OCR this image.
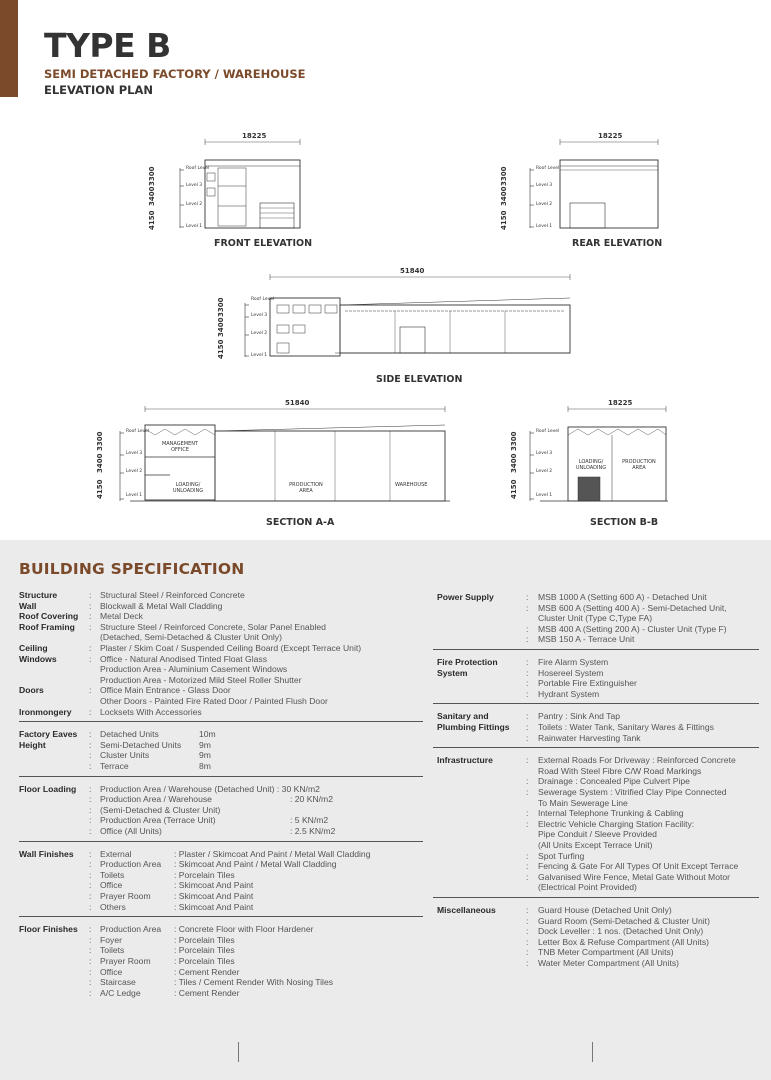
TYPE B
SEMI DETACHED FACTORY / WAREHOUSE
ELEVATION PLAN
18225
3300
3400
4150
Roof Level
Level 3
Level 2
Level 1
FRONT ELEVATION
18225
3300
3400
4150
Roof Level
Level 3
Level 2
Level 1
REAR ELEVATION
51840
3300
3400
4150
Roof Level
Level 3
Level 2
Level 1
SIDE ELEVATION
51840
3300
3400
4150
Roof Level
Level 3
Level 2
Level 1
MANAGEMENT OFFICE
LOADING/ UNLOADING
PRODUCTION AREA
WAREHOUSE
SECTION A-A
18225
3300
3400
4150
Roof Level
Level 3
Level 2
Level 1
LOADING/ UNLOADING
PRODUCTION AREA
SECTION B-B
BUILDING SPECIFICATION
Structure	: Structural Steel / Reinforced Concrete
Wall	: Blockwall & Metal Wall Cladding
Roof Covering	: Metal Deck
Roof Framing	: Structure Steel / Reinforced Concrete, Solar Panel Enabled
(Detached, Semi-Detached & Cluster Unit Only)
Ceiling	: Plaster / Skim Coat / Suspended Ceiling Board (Except Terrace Unit)
Windows	: Office - Natural Anodised Tinted Float Glass
Production Area - Aluminium Casement Windows
Production Area - Motorized Mild Steel Roller Shutter
Doors	: Office Main Entrance - Glass Door
Other Doors - Painted Fire Rated Door / Painted Flush Door
Ironmongery	: Locksets With Accessories
Factory Eaves Height
: Detached Units	10m
: Semi-Detached Units 9m
: Cluster Units	9m
: Terrace	8m
Floor Loading	: Production Area / Warehouse (Detached Unit) : 30 KN/m2
: Production Area / Warehouse	: 20 KN/m2
: (Semi-Detached & Cluster Unit)
: Production Area (Terrace Unit)	: 5 KN/m2
: Office (All Units)	: 2.5 KN/m2
Wall Finishes	: External	: Plaster / Skimcoat And Paint / Metal Wall Cladding
: Production Area : Skimcoat And Paint / Metal Wall Cladding
: Toilets	: Porcelain Tiles
: Office	: Skimcoat And Paint
: Prayer Room	: Skimcoat And Paint
: Others	: Skimcoat And Paint
Floor Finishes	: Production Area : Concrete Floor with Floor Hardener
: Foyer	: Porcelain Tiles
: Toilets	: Porcelain Tiles
: Prayer Room	: Porcelain Tiles
: Office	: Cement Render
: Staircase	: Tiles / Cement Render With Nosing Tiles
: A/C Ledge	: Cement Render
Power Supply	: MSB 1000 A (Setting 600 A) - Detached Unit
: MSB 600 A (Setting 400 A) - Semi-Detached Unit,
Cluster Unit (Type C,Type FA)
: MSB 400 A (Setting 200 A) - Cluster Unit (Type F)
: MSB 150 A - Terrace Unit
Fire Protection System
: Fire Alarm System
: Hosereel System
: Portable Fire Extinguisher
: Hydrant System
Sanitary and Plumbing Fittings
: Pantry : Sink And Tap
: Toilets : Water Tank, Sanitary Wares & Fittings
: Rainwater Harvesting Tank
Infrastructure	: External Roads For Driveway : Reinforced Concrete
Road With Steel Fibre C/W Road Markings
: Drainage : Concealed Pipe Culvert Pipe
: Sewerage System : Vitrified Clay Pipe Connected
To Main Sewerage Line
: Internal Telephone Trunking & Cabling
: Electric Vehicle Charging Station Facility:
Pipe Conduit / Sleeve Provided
(All Units Except Terrace Unit)
: Spot Turfing
: Fencing & Gate For All Types Of Unit Except Terrace
: Galvanised Wire Fence, Metal Gate Without Motor
(Electrical Point Provided)
Miscellaneous	: Guard House (Detached Unit Only)
: Guard Room (Semi-Detached & Cluster Unit)
: Dock Leveller : 1 nos. (Detached Unit Only)
: Letter Box & Refuse Compartment (All Units)
: TNB Meter Compartment (All Units)
: Water Meter Compartment (All Units)
